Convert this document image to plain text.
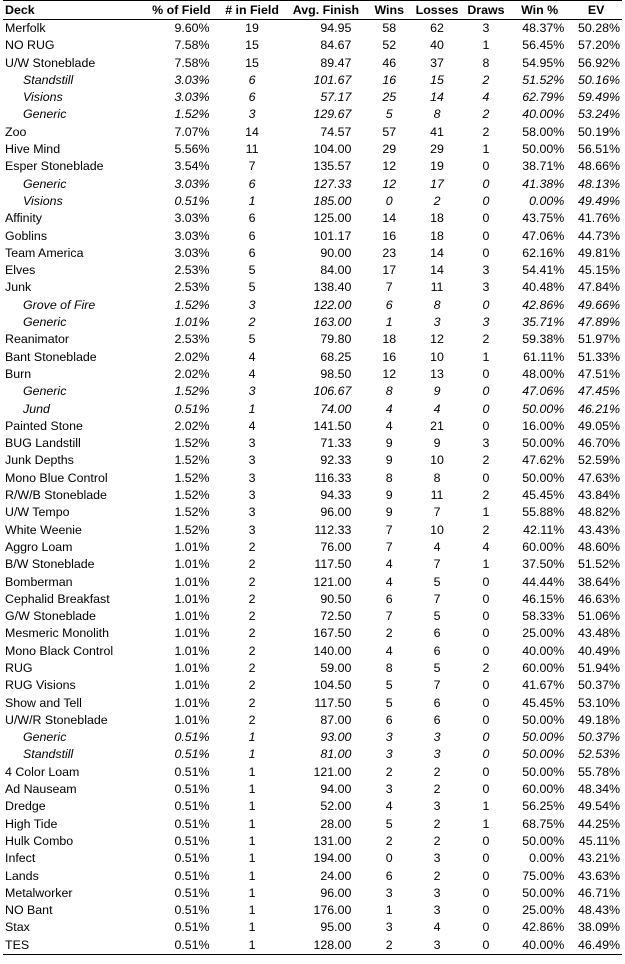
Deck	% of Field	# in Field	Avg. Finish	Wins	Losses	Draws	Win %	EV
Merfolk	9.60%	19	94.95	58	62	3	48.37%	50.28%
NO RUG	7.58%	15	84.67	52	40	1	56.45%	57.20%
U/W Stoneblade	7.58%	15	89.47	46	37	8	54.95%	56.92%
Standstill	3.03%	6	101.67	16	15	2	51.52%	50.16%
Visions	3.03%	6	57.17	25	14	4	62.79%	59.49%
Generic	1.52%	3	129.67	5	8	2	40.00%	53.24%
Zoo	7.07%	14	74.57	57	41	2	58.00%	50.19%
Hive Mind	5.56%	11	104.00	29	29	1	50.00%	56.51%
Esper Stoneblade	3.54%	7	135.57	12	19	0	38.71%	48.66%
Generic	3.03%	6	127.33	12	17	0	41.38%	48.13%
Visions	0.51%	1	185.00	0	2	0	0.00%	49.49%
Affinity	3.03%	6	125.00	14	18	0	43.75%	41.76%
Goblins	3.03%	6	101.17	16	18	0	47.06%	44.73%
Team America	3.03%	6	90.00	23	14	0	62.16%	49.81%
Elves	2.53%	5	84.00	17	14	3	54.41%	45.15%
Junk	2.53%	5	138.40	7	11	3	40.48%	47.84%
Grove of Fire	1.52%	3	122.00	6	8	0	42.86%	49.66%
Generic	1.01%	2	163.00	1	3	3	35.71%	47.89%
Reanimator	2.53%	5	79.80	18	12	2	59.38%	51.97%
Bant Stoneblade	2.02%	4	68.25	16	10	1	61.11%	51.33%
Burn	2.02%	4	98.50	12	13	0	48.00%	47.51%
Generic	1.52%	3	106.67	8	9	0	47.06%	47.45%
Jund	0.51%	1	74.00	4	4	0	50.00%	46.21%
Painted Stone	2.02%	4	141.50	4	21	0	16.00%	49.05%
BUG Landstill	1.52%	3	71.33	9	9	3	50.00%	46.70%
Junk Depths	1.52%	3	92.33	9	10	2	47.62%	52.59%
Mono Blue Control	1.52%	3	116.33	8	8	0	50.00%	47.63%
R/W/B Stoneblade	1.52%	3	94.33	9	11	2	45.45%	43.84%
U/W Tempo	1.52%	3	96.00	9	7	1	55.88%	48.82%
White Weenie	1.52%	3	112.33	7	10	2	42.11%	43.43%
Aggro Loam	1.01%	2	76.00	7	4	4	60.00%	48.60%
B/W Stoneblade	1.01%	2	117.50	4	7	1	37.50%	51.52%
Bomberman	1.01%	2	121.00	4	5	0	44.44%	38.64%
Cephalid Breakfast	1.01%	2	90.50	6	7	0	46.15%	46.63%
G/W Stoneblade	1.01%	2	72.50	7	5	0	58.33%	51.06%
Mesmeric Monolith	1.01%	2	167.50	2	6	0	25.00%	43.48%
Mono Black Control	1.01%	2	140.00	4	6	0	40.00%	40.49%
RUG	1.01%	2	59.00	8	5	2	60.00%	51.94%
RUG Visions	1.01%	2	104.50	5	7	0	41.67%	50.37%
Show and Tell	1.01%	2	117.50	5	6	0	45.45%	53.10%
U/W/R Stoneblade	1.01%	2	87.00	6	6	0	50.00%	49.18%
Generic	0.51%	1	93.00	3	3	0	50.00%	50.37%
Standstill	0.51%	1	81.00	3	3	0	50.00%	52.53%
4 Color Loam	0.51%	1	121.00	2	2	0	50.00%	55.78%
Ad Nauseam	0.51%	1	94.00	3	2	0	60.00%	48.34%
Dredge	0.51%	1	52.00	4	3	1	56.25%	49.54%
High Tide	0.51%	1	28.00	5	2	1	68.75%	44.25%
Hulk Combo	0.51%	1	131.00	2	2	0	50.00%	45.11%
Infect	0.51%	1	194.00	0	3	0	0.00%	43.21%
Lands	0.51%	1	24.00	6	2	0	75.00%	43.63%
Metalworker	0.51%	1	96.00	3	3	0	50.00%	46.71%
NO Bant	0.51%	1	176.00	1	3	0	25.00%	48.43%
Stax	0.51%	1	95.00	3	4	0	42.86%	38.09%
TES	0.51%	1	128.00	2	3	0	40.00%	46.49%
